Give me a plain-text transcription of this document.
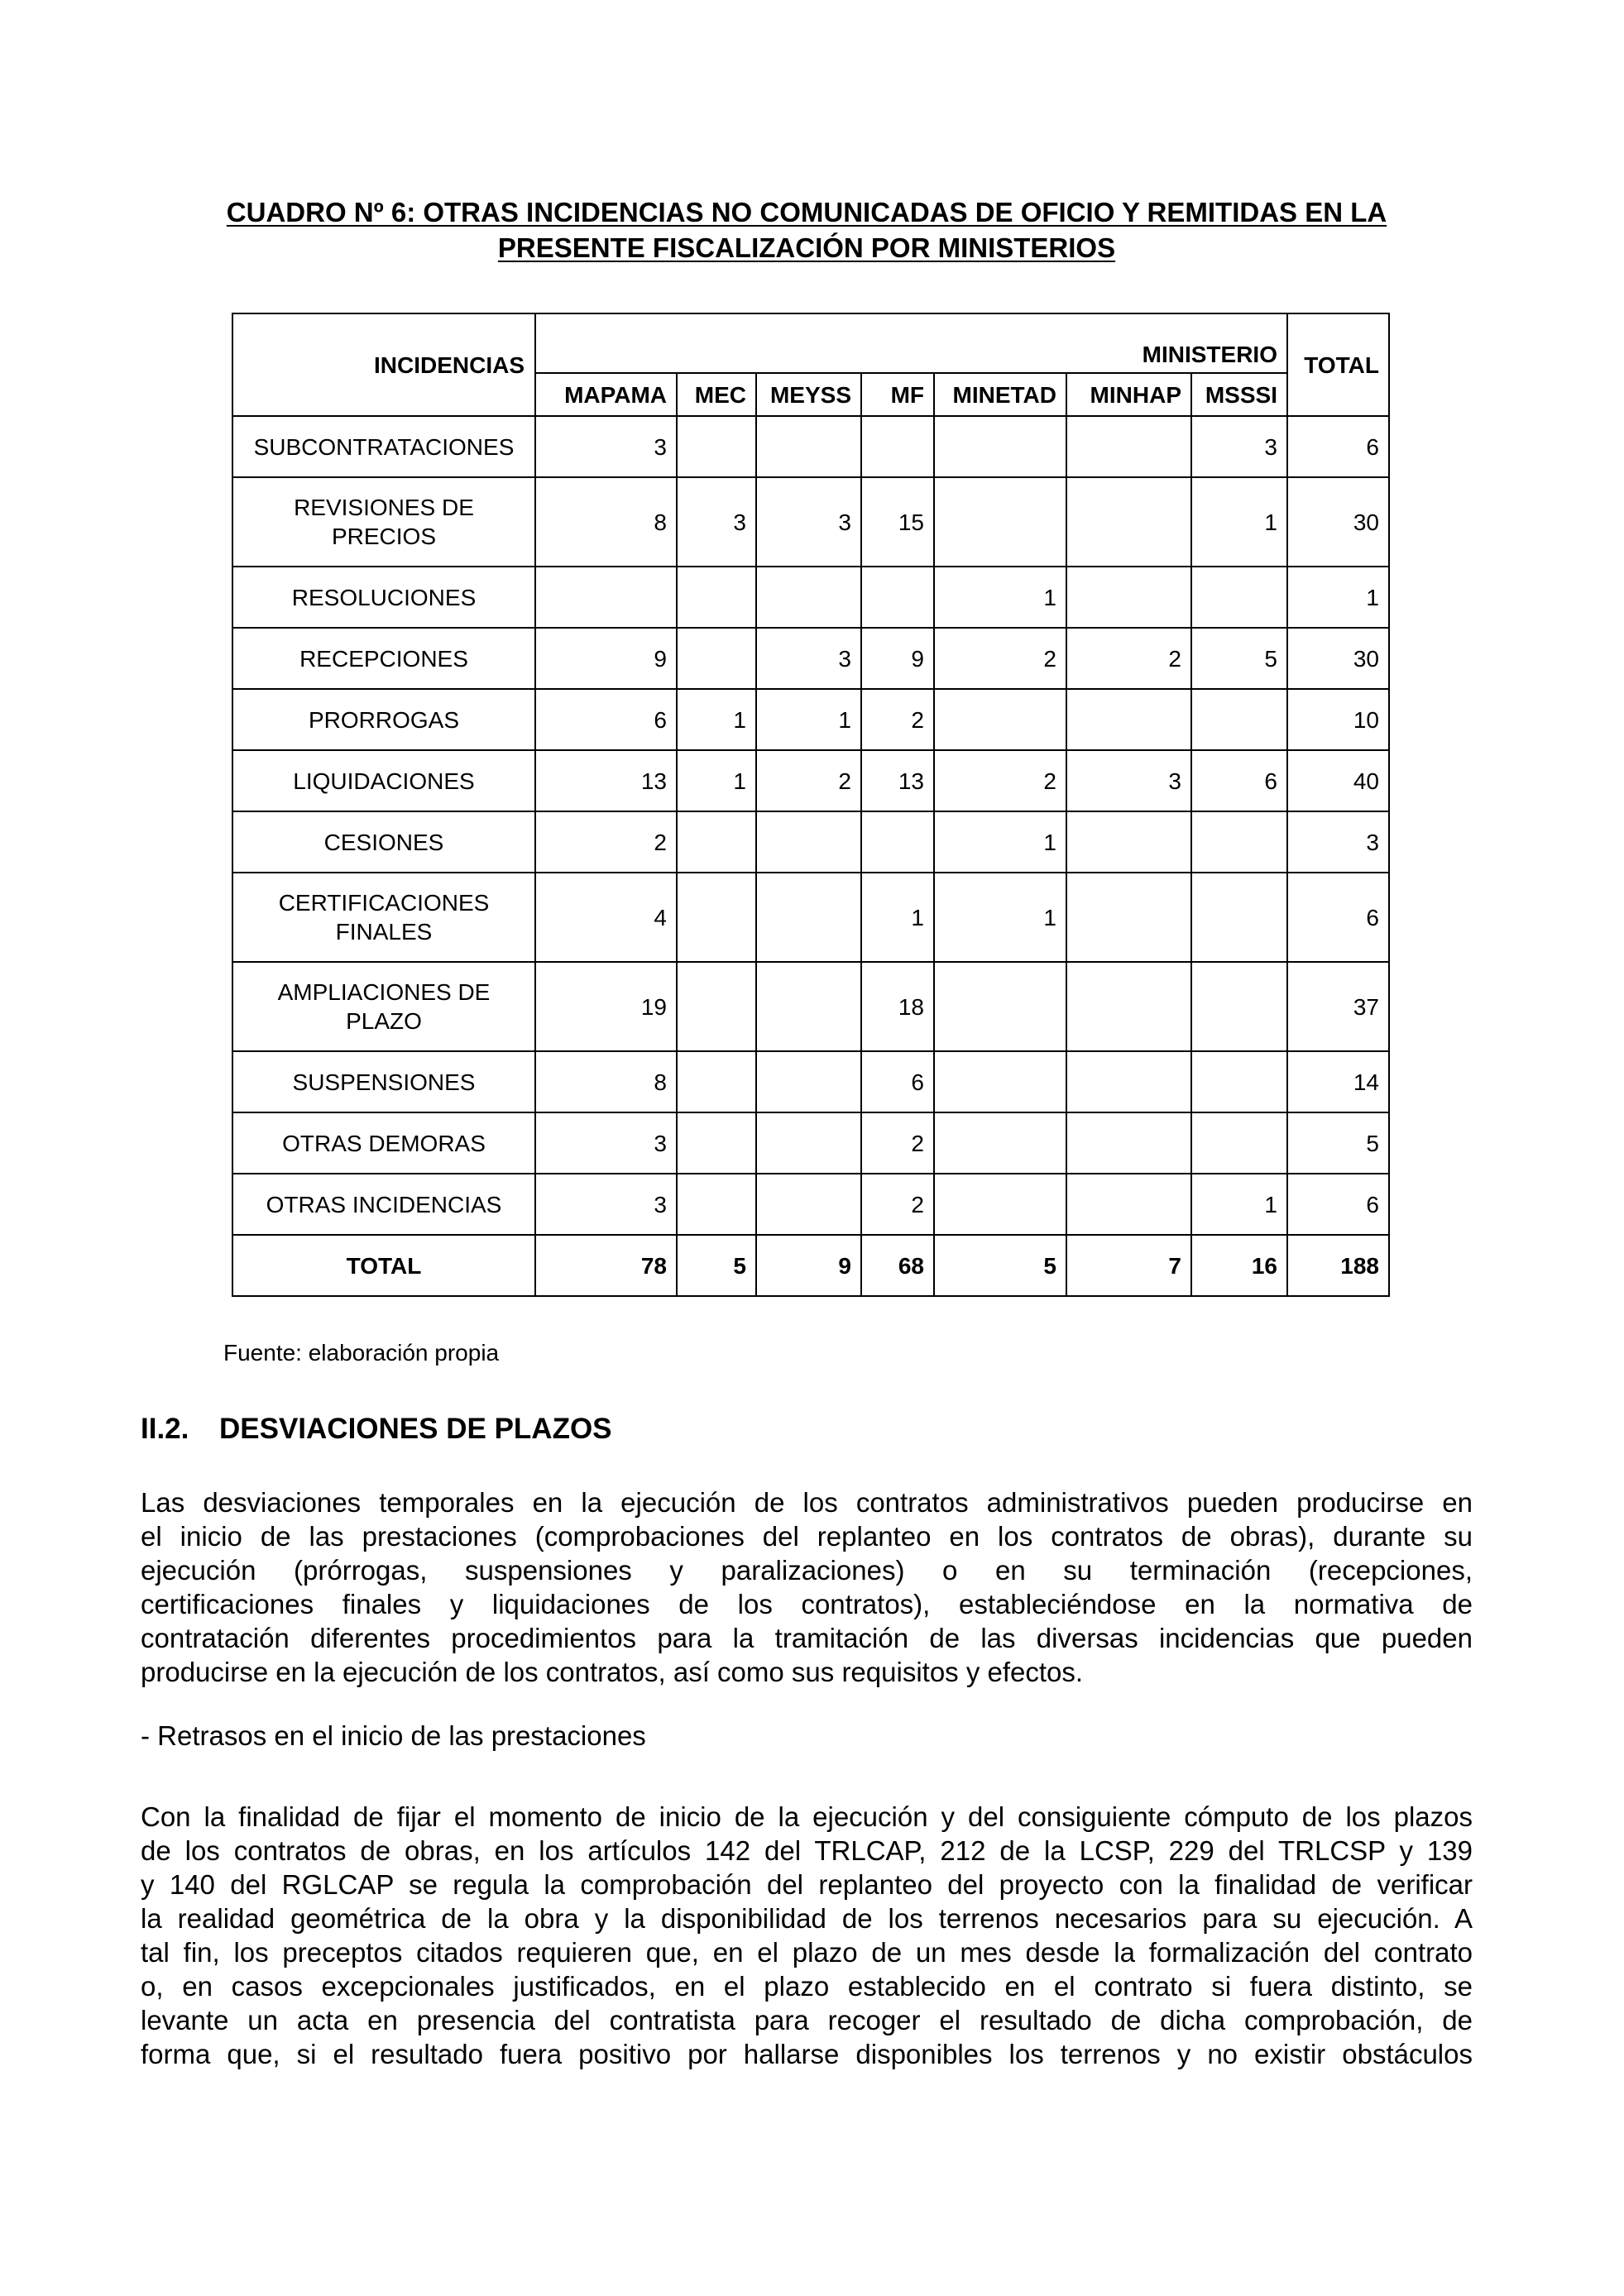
CUADRO Nº 6: OTRAS INCIDENCIAS NO COMUNICADAS DE OFICIO Y REMITIDAS EN LA
PRESENTE FISCALIZACIÓN POR MINISTERIOS
INCIDENCIAS	MINISTERIO							TOTAL
	MAPAMA	MEC	MEYSS	MF	MINETAD	MINHAP	MSSSI	
SUBCONTRATACIONES	3						3	6
REVISIONES DE PRECIOS	8	3	3	15			1	30
RESOLUCIONES					1			1
RECEPCIONES	9		3	9	2	2	5	30
PRORROGAS	6	1	1	2				10
LIQUIDACIONES	13	1	2	13	2	3	6	40
CESIONES	2				1			3
CERTIFICACIONES FINALES	4			1	1			6
AMPLIACIONES DE PLAZO	19			18				37
SUSPENSIONES	8			6				14
OTRAS DEMORAS	3			2				5
OTRAS INCIDENCIAS	3			2			1	6
TOTAL	78	5	9	68	5	7	16	188
Fuente: elaboración propia
II.2. DESVIACIONES DE PLAZOS
Las desviaciones temporales en la ejecución de los contratos administrativos pueden producirse en
el inicio de las prestaciones (comprobaciones del replanteo en los contratos de obras), durante su
ejecución (prórrogas, suspensiones y paralizaciones) o en su terminación (recepciones,
certificaciones finales y liquidaciones de los contratos), estableciéndose en la normativa de
contratación diferentes procedimientos para la tramitación de las diversas incidencias que pueden
producirse en la ejecución de los contratos, así como sus requisitos y efectos.
- Retrasos en el inicio de las prestaciones
Con la finalidad de fijar el momento de inicio de la ejecución y del consiguiente cómputo de los plazos
de los contratos de obras, en los artículos 142 del TRLCAP, 212 de la LCSP, 229 del TRLCSP y 139
y 140 del RGLCAP se regula la comprobación del replanteo del proyecto con la finalidad de verificar
la realidad geométrica de la obra y la disponibilidad de los terrenos necesarios para su ejecución. A
tal fin, los preceptos citados requieren que, en el plazo de un mes desde la formalización del contrato
o, en casos excepcionales justificados, en el plazo establecido en el contrato si fuera distinto, se
levante un acta en presencia del contratista para recoger el resultado de dicha comprobación, de
forma que, si el resultado fuera positivo por hallarse disponibles los terrenos y no existir obstáculos
